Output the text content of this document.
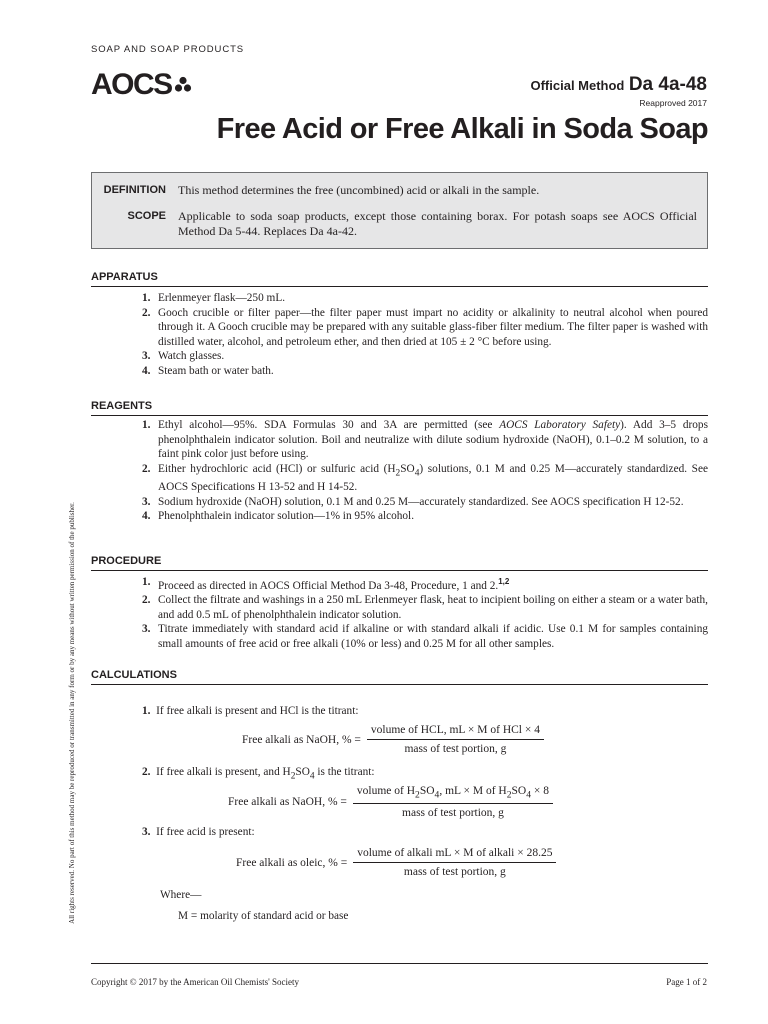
SOAP AND SOAP PRODUCTS
AOCS	Official Method Da 4a-48
Reapproved 2017
Free Acid or Free Alkali in Soda Soap
DEFINITION This method determines the free (uncombined) acid or alkali in the sample.
SCOPE Applicable to soda soap products, except those containing borax. For potash soaps see AOCS Official Method Da 5-44. Replaces Da 4a-42.
APPARATUS
1. Erlenmeyer flask—250 mL.
2. Gooch crucible or filter paper—the filter paper must impart no acidity or alkalinity to neutral alcohol when poured through it. A Gooch crucible may be prepared with any suitable glass-fiber filter medium. The filter paper is washed with distilled water, alcohol, and petroleum ether, and then dried at 105 ± 2 °C before using.
3. Watch glasses.
4. Steam bath or water bath.
REAGENTS
1. Ethyl alcohol—95%. SDA Formulas 30 and 3A are permitted (see AOCS Laboratory Safety). Add 3–5 drops phenolphthalein indicator solution. Boil and neutralize with dilute sodium hydroxide (NaOH), 0.1–0.2 M solution, to a faint pink color just before using.
2. Either hydrochloric acid (HCl) or sulfuric acid $(H_2SO_4)$ solutions, 0.1 M and 0.25 M—accurately standardized. See AOCS Specifications H 13-52 and H 14-52.
3. Sodium hydroxide (NaOH) solution, 0.1 M and 0.25 M—accurately standardized. See AOCS specification H 12-52.
4. Phenolphthalein indicator solution—1% in 95% alcohol.
PROCEDURE
1. Proceed as directed in AOCS Official Method Da 3-48, Procedure, 1 and 2.$^{1,2}$
2. Collect the filtrate and washings in a 250 mL Erlenmeyer flask, heat to incipient boiling on either a steam or a water bath, and add 0.5 mL of phenolphthalein indicator solution.
3. Titrate immediately with standard acid if alkaline or with standard alkali if acidic. Use 0.1 M for samples containing small amounts of free acid or free alkali (10% or less) and 0.25 M for all other samples.
CALCULATIONS
1. If free alkali is present and HCl is the titrant:
Free alkali as NaOH, % = $\frac{\text{volume of HCL, mL × M of HCl × 4}}{\text{mass of test portion, g}}$
2. If free alkali is present, and $H_2SO_4$ is the titrant:
Free alkali as NaOH, % = $\frac{volume of H_2SO_4, mL \times M of H_2SO_4 \times 8}{\text{mass of test portion, g}}$
3. If free acid is present:
Free alkali as oleic, % = $\frac{\text{volume of alkali mL × M of alkali × 28.25}}{\text{mass of test portion, g}}$
Where—
M = molarity of standard acid or base
All rights reserved. No part of this method may be reproduced or transmitted in any form or by any means without written permission of the publisher.
Copyright © 2017 by the American Oil Chemists' Society	Page 1 of 2
